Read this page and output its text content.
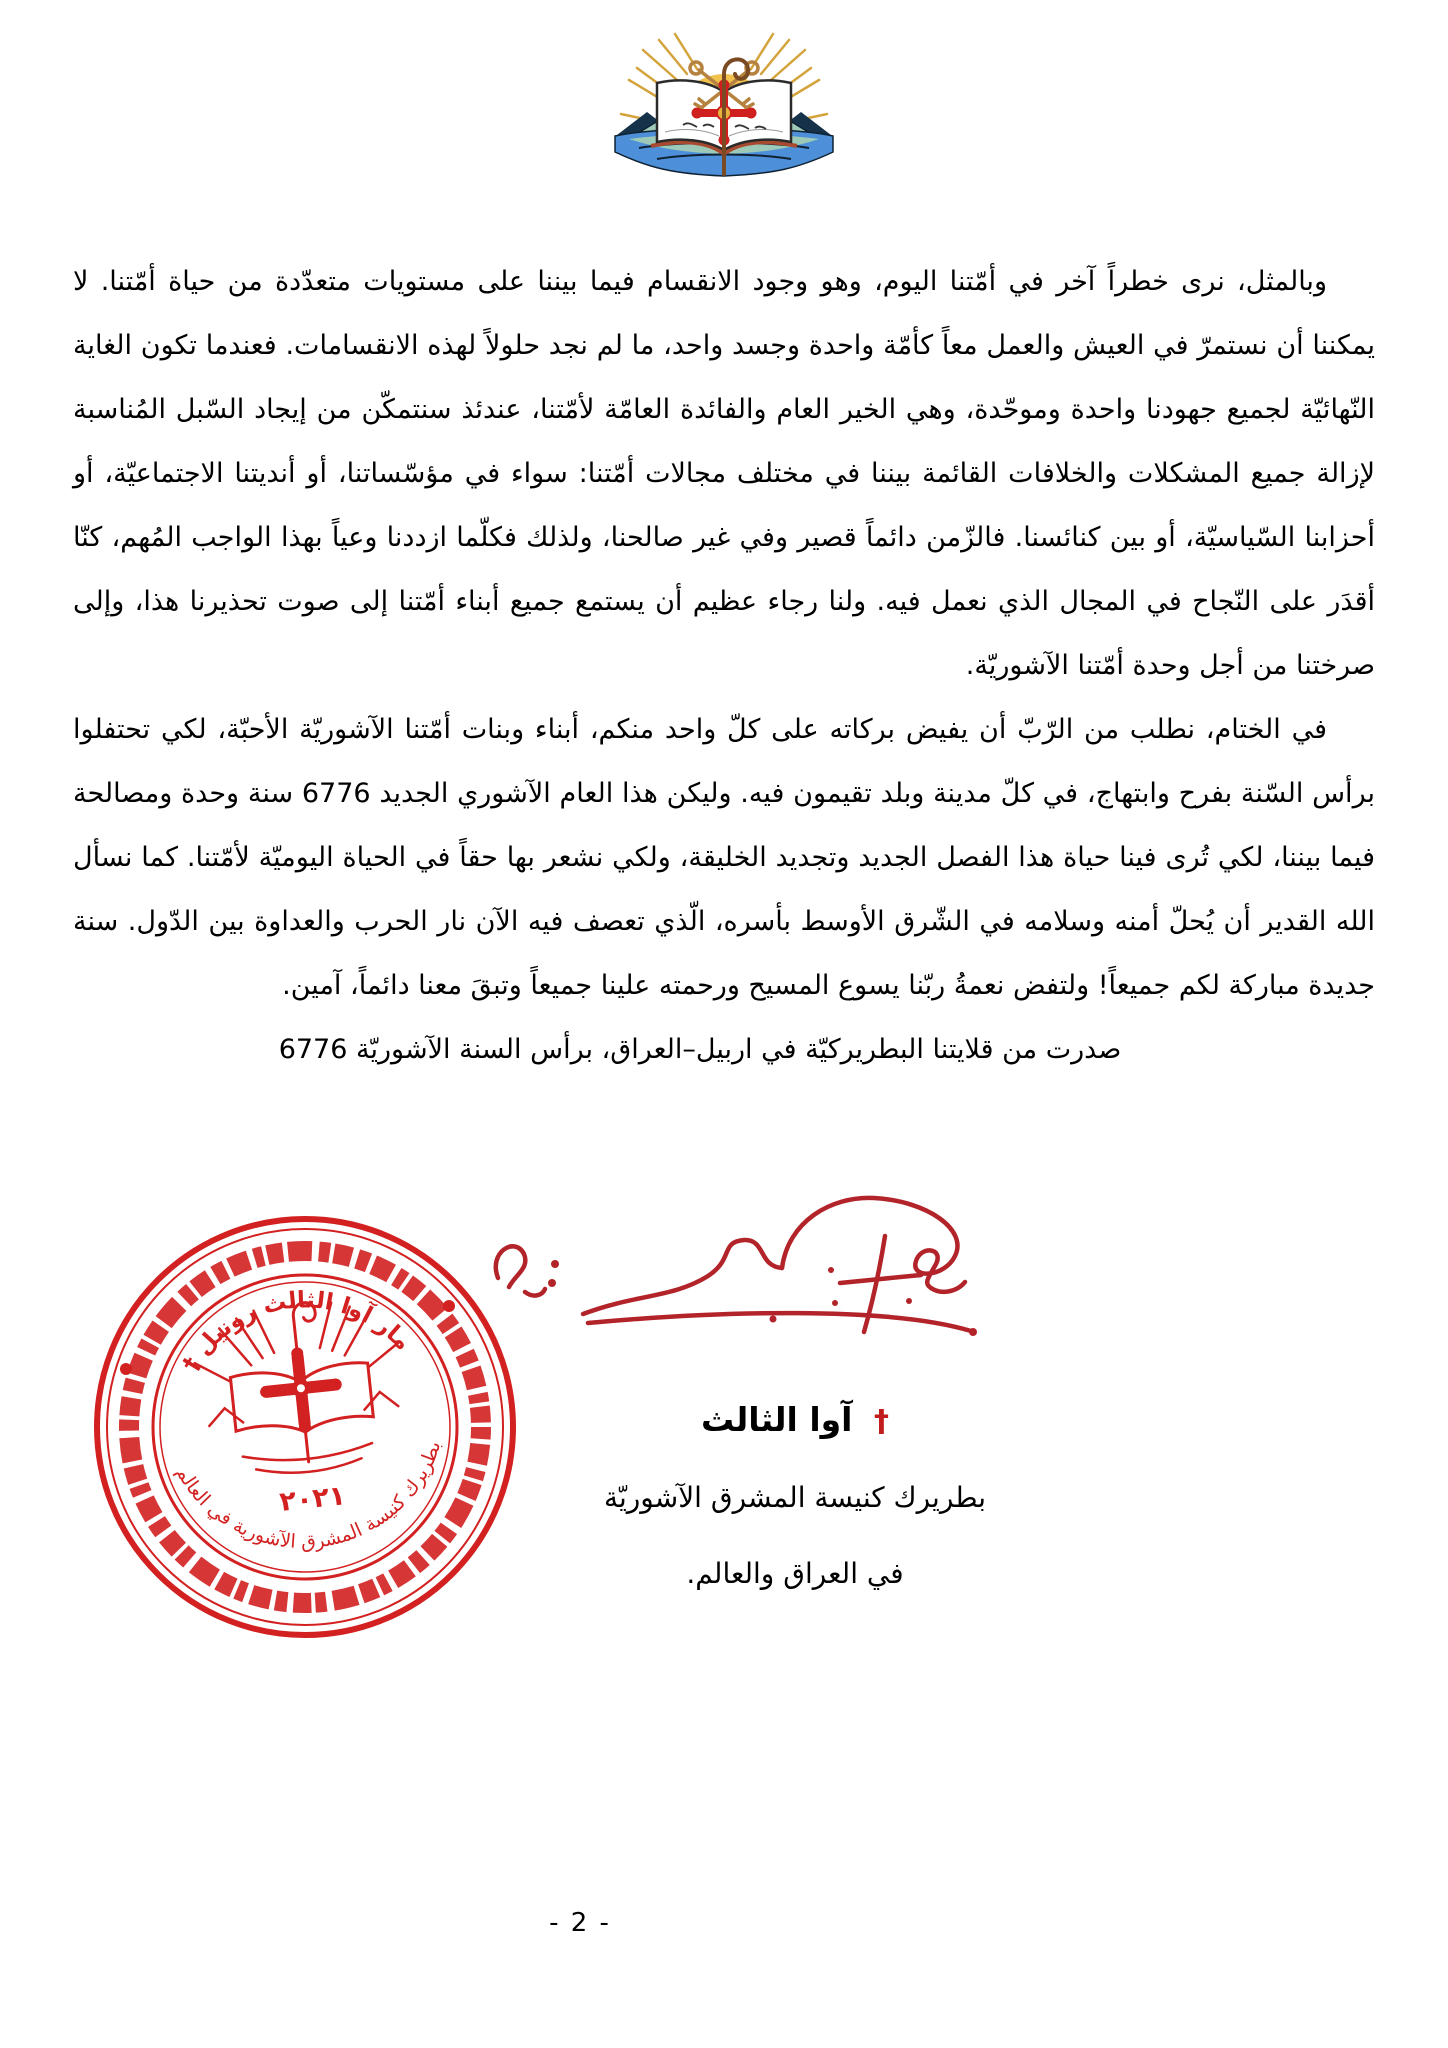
وبالمثل، نرى خطراً آخر في أمّتنا اليوم، وهو وجود الانقسام فيما بيننا على مستويات متعدّدة من حياة أمّتنا. لا يمكننا أن نستمرّ في العيش والعمل معاً كأمّة واحدة وجسد واحد، ما لم نجد حلولاً لهذه الانقسامات. فعندما تكون الغاية النّهائيّة لجميع جهودنا واحدة وموحّدة، وهي الخير العام والفائدة العامّة لأمّتنا، عندئذ سنتمكّن من إيجاد السّبل المُناسبة لإزالة جميع المشكلات والخلافات القائمة بيننا في مختلف مجالات أمّتنا: سواء في مؤسّساتنا، أو أنديتنا الاجتماعيّة، أو أحزابنا السّياسيّة، أو بين كنائسنا. فالزّمن دائماً قصير وفي غير صالحنا، ولذلك فكلّما ازددنا وعياً بهذا الواجب المُهم، كنّا أقدَر على النّجاح في المجال الذي نعمل فيه. ولنا رجاء عظيم أن يستمع جميع أبناء أمّتنا إلى صوت تحذيرنا هذا، وإلى صرختنا من أجل وحدة أمّتنا الآشوريّة.

في الختام، نطلب من الرّبّ أن يفيض بركاته على كلّ واحد منكم، أبناء وبنات أمّتنا الآشوريّة الأحبّة، لكي تحتفلوا برأس السّنة بفرح وابتهاج، في كلّ مدينة وبلد تقيمون فيه. وليكن هذا العام الآشوري الجديد 6776 سنة وحدة ومصالحة فيما بيننا، لكي تُرى فينا حياة هذا الفصل الجديد وتجديد الخليقة، ولكي نشعر بها حقاً في الحياة اليوميّة لأمّتنا. كما نسأل الله القدير أن يُحلّ أمنه وسلامه في الشّرق الأوسط بأسره، الّذي تعصف فيه الآن نار الحرب والعداوة بين الدّول. سنة جديدة مباركة لكم جميعاً! ولتفض نعمةُ ربّنا يسوع المسيح ورحمته علينا جميعاً وتبقَ معنا دائماً، آمين.

صدرت من قلايتنا البطريركيّة في اربيل–العراق، برأس السنة الآشوريّة 6776

† مار آوا الثالث رونيل
بطريرك كنيسة المشرق الآشورية في العالم
٢٠٢١
† آوا الثالث
بطريرك كنيسة المشرق الآشوريّة
في العراق والعالم.
- 2 -
